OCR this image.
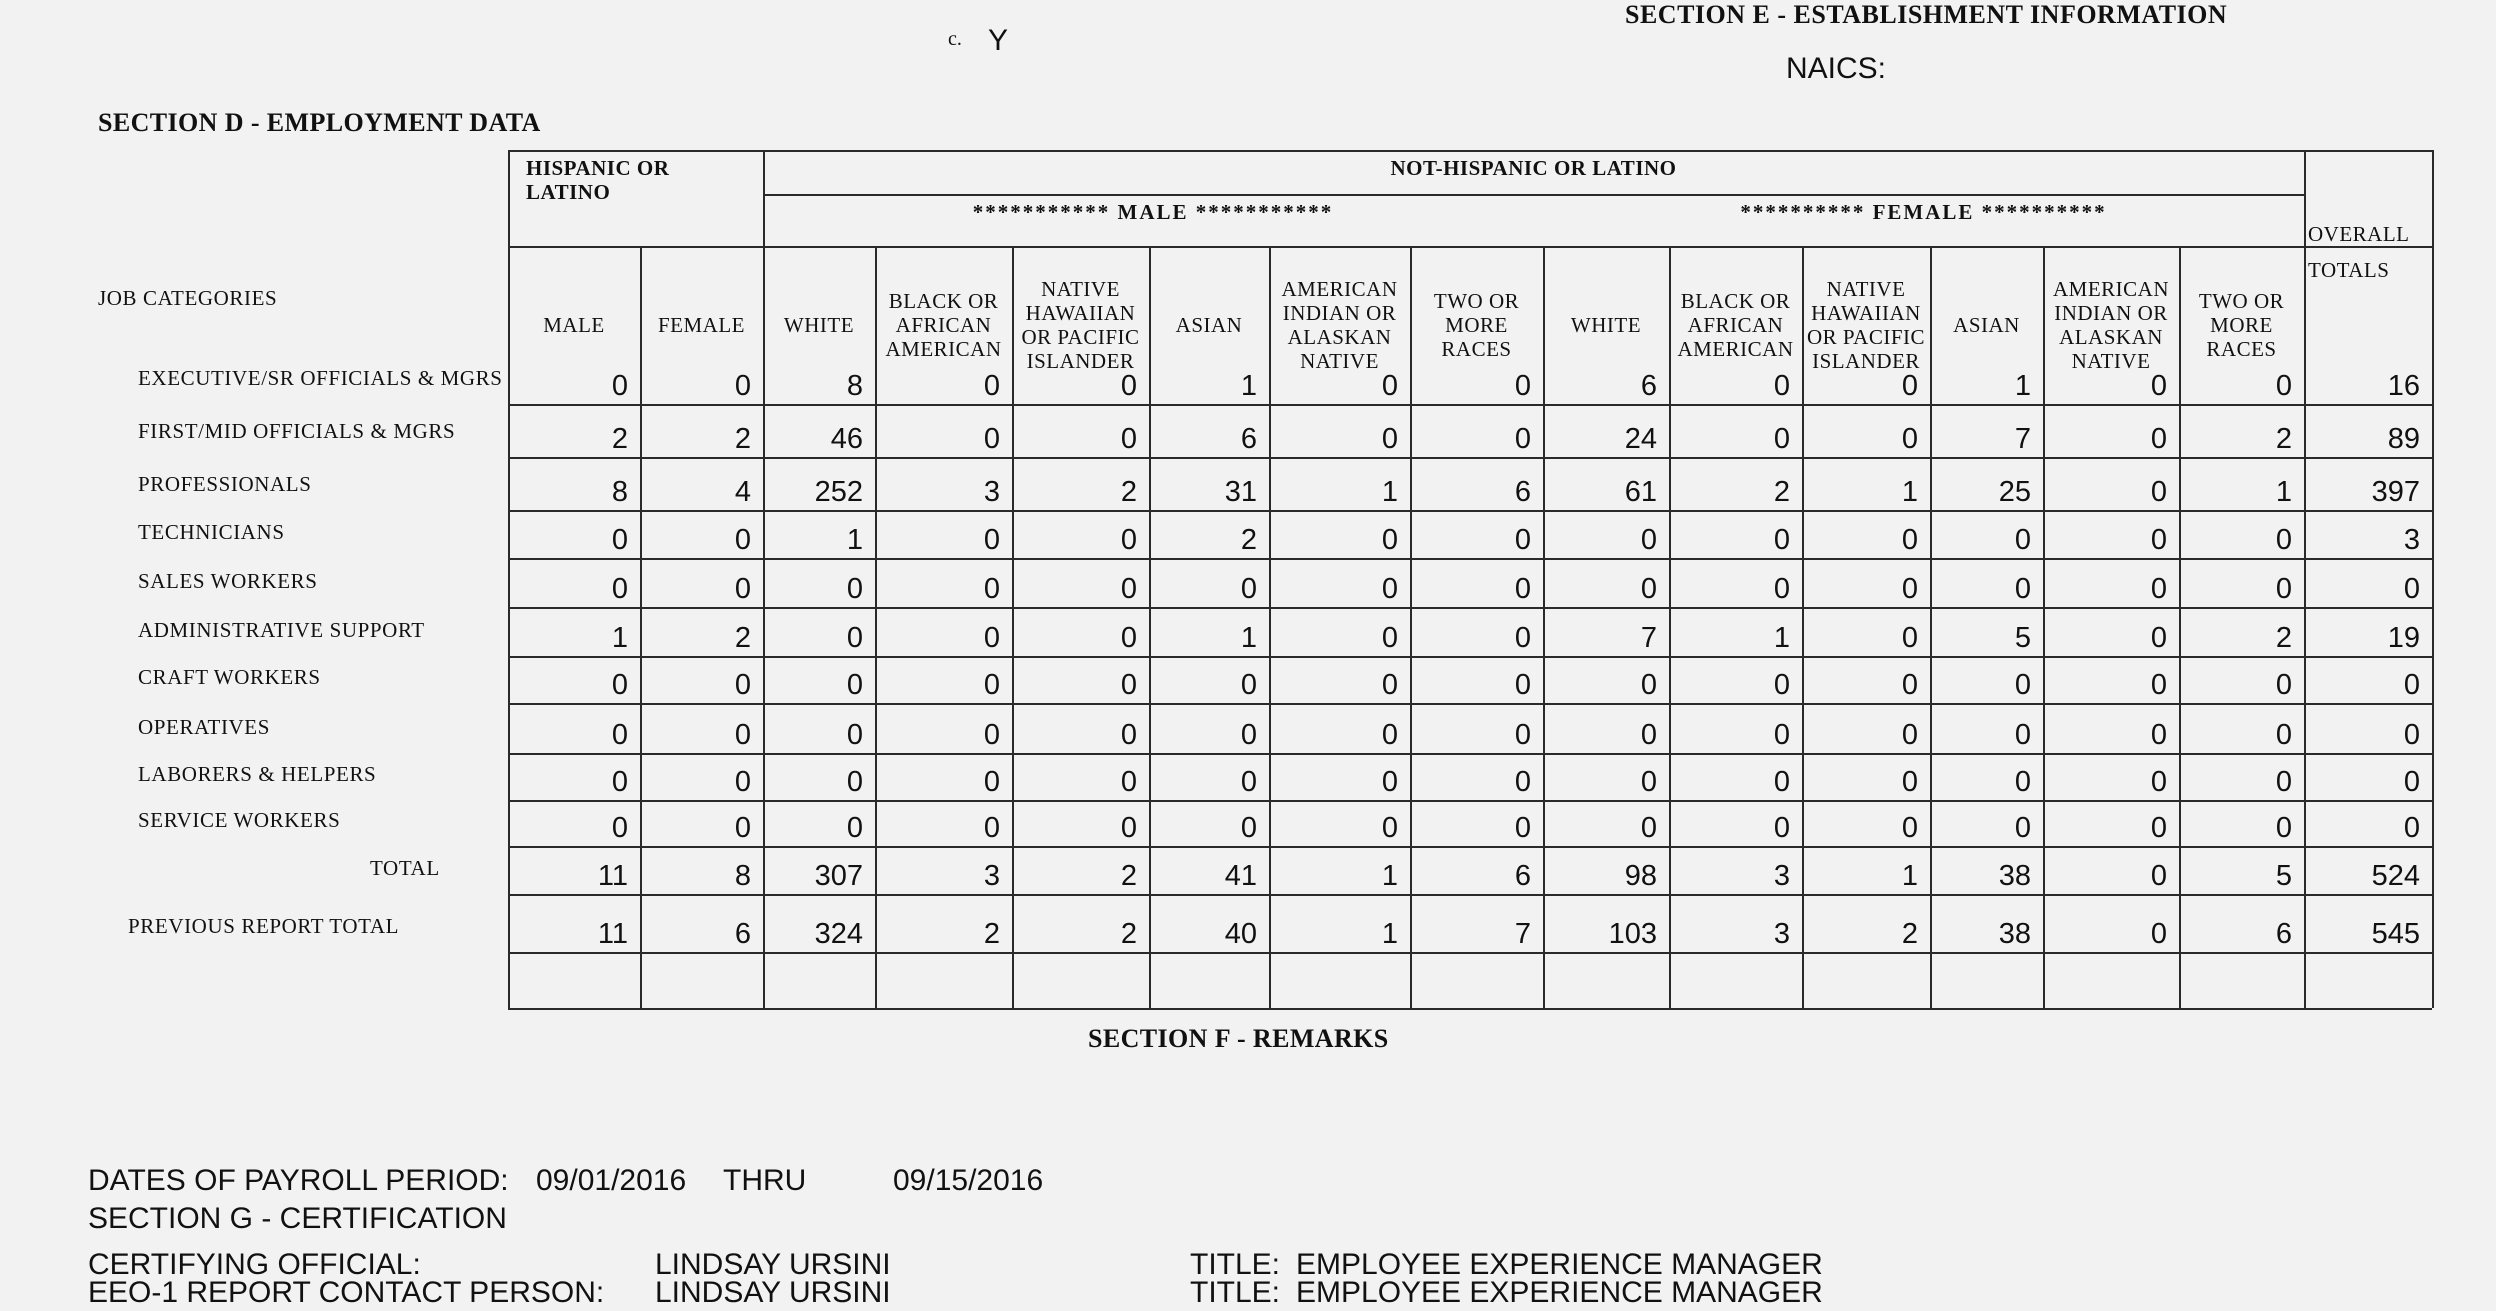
c. Y
SECTION E - ESTABLISHMENT INFORMATION
NAICS:
SECTION D - EMPLOYMENT DATA
HISPANIC OR LATINO
NOT-HISPANIC OR LATINO
*********** MALE ***********	********** FEMALE **********
OVERALL TOTALS
JOB CATEGORIES
MALE	FEMALE	WHITE
BLACK OR AFRICAN AMERICAN
NATIVE HAWAIIAN OR PACIFIC ISLANDER
ASIAN
AMERICAN INDIAN OR ALASKAN NATIVE
TWO OR MORE RACES
WHITE
BLACK OR AFRICAN AMERICAN
NATIVE HAWAIIAN OR PACIFIC ISLANDER
ASIAN
AMERICAN INDIAN OR ALASKAN NATIVE
TWO OR MORE RACES
EXECUTIVE/SR OFFICIALS & MGRS	0	0	8	0	0	1	0	0	6	0	0	1	0	0	16
FIRST/MID OFFICIALS & MGRS	2	2	46	0	0	6	0	0	24	0	0	7	0	2	89
PROFESSIONALS	8	4	252	3	2	31	1	6	61	2	1	25	0	1	397
TECHNICIANS	0	0	1	0	0	2	0	0	0	0	0	0	0	0	3
SALES WORKERS	0	0	0	0	0	0	0	0	0	0	0	0	0	0	0
ADMINISTRATIVE SUPPORT	1	2	0	0	0	1	0	0	7	1	0	5	0	2	19
CRAFT WORKERS	0	0	0	0	0	0	0	0	0	0	0	0	0	0	0
OPERATIVES	0	0	0	0	0	0	0	0	0	0	0	0	0	0	0
LABORERS & HELPERS	0	0	0	0	0	0	0	0	0	0	0	0	0	0	0
SERVICE WORKERS	0	0	0	0	0	0	0	0	0	0	0	0	0	0	0
TOTAL	11	8	307	3	2	41	1	6	98	3	1	38	0	5	524
PREVIOUS REPORT TOTAL	11	6	324	2	2	40	1	7	103	3	2	38	0	6	545
SECTION F - REMARKS
DATES OF PAYROLL PERIOD: 09/01/2016 THRU	09/15/2016
SECTION G - CERTIFICATION
CERTIFYING OFFICIAL:	LINDSAY URSINI	TITLE: EMPLOYEE EXPERIENCE MANAGER
EEO-1 REPORT CONTACT PERSON: LINDSAY URSINI	TITLE: EMPLOYEE EXPERIENCE MANAGER
